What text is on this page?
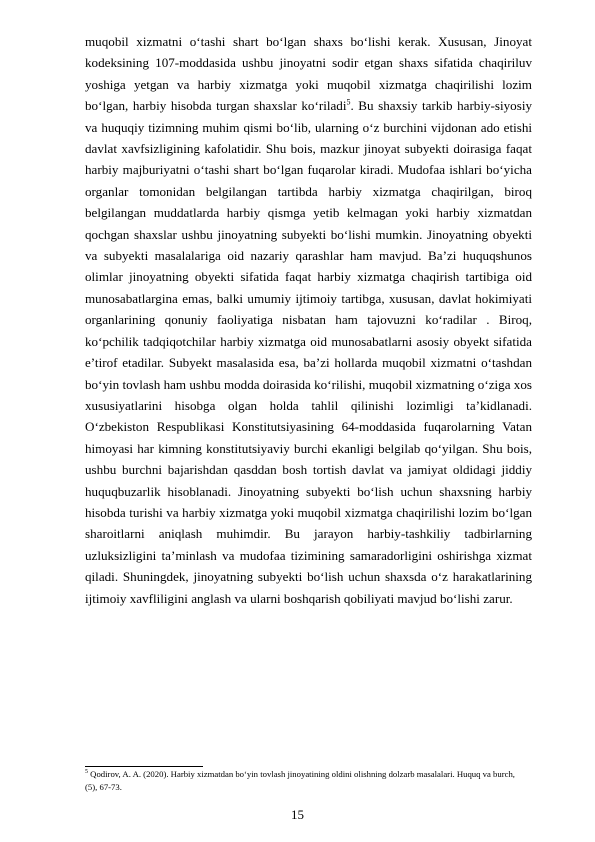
muqobil xizmatni o‘tashi shart bo‘lgan shaxs bo‘lishi kerak. Xususan, Jinoyat kodeksining 107-moddasida ushbu jinoyatni sodir etgan shaxs sifatida chaqiriluv yoshiga yetgan va harbiy xizmatga yoki muqobil xizmatga chaqirilishi lozim bo‘lgan, harbiy hisobda turgan shaxslar ko‘riladi$^5$. Bu shaxsiy tarkib harbiy-siyosiy va huquqiy tizimning muhim qismi bo‘lib, ularning o‘z burchini vijdonan ado etishi davlat xavfsizligining kafolatidir. Shu bois, mazkur jinoyat subyekti doirasiga faqat harbiy majburiyatni o‘tashi shart bo‘lgan fuqarolar kiradi. Mudofaa ishlari bo‘yicha organlar tomonidan belgilangan tartibda harbiy xizmatga chaqirilgan, biroq belgilangan muddatlarda harbiy qismga yetib kelmagan yoki harbiy xizmatdan qochgan shaxslar ushbu jinoyatning subyekti bo‘lishi mumkin. Jinoyatning obyekti va subyekti masalalariga oid nazariy qarashlar ham mavjud. Ba’zi huquqshunos olimlar jinoyatning obyekti sifatida faqat harbiy xizmatga chaqirish tartibiga oid munosabatlargina emas, balki umumiy ijtimoiy tartibga, xususan, davlat hokimiyati organlarining qonuniy faoliyatiga nisbatan ham tajovuzni ko‘radilar . Biroq, ko‘pchilik tadqiqotchilar harbiy xizmatga oid munosabatlarni asosiy obyekt sifatida e’tirof etadilar. Subyekt masalasida esa, ba’zi hollarda muqobil xizmatni o‘tashdan bo‘yin tovlash ham ushbu modda doirasida ko‘rilishi, muqobil xizmatning o‘ziga xos xususiyatlarini hisobga olgan holda tahlil qilinishi lozimligi ta’kidlanadi. O‘zbekiston Respublikasi Konstitutsiyasining 64-moddasida fuqarolarning Vatan himoyasi har kimning konstitutsiyaviy burchi ekanligi belgilab qo‘yilgan. Shu bois, ushbu burchni bajarishdan qasddan bosh tortish davlat va jamiyat oldidagi jiddiy huquqbuzarlik hisoblanadi. Jinoyatning subyekti bo‘lish uchun shaxsning harbiy hisobda turishi va harbiy xizmatga yoki muqobil xizmatga chaqirilishi lozim bo‘lgan sharoitlarni aniqlash muhimdir. Bu jarayon harbiy-tashkiliy tadbirlarning uzluksizligini ta’minlash va mudofaa tizimining samaradorligini oshirishga xizmat qiladi. Shuningdek, jinoyatning subyekti bo‘lish uchun shaxsda o‘z harakatlarining ijtimoiy xavfliligini anglash va ularni boshqarish qobiliyati mavjud bo‘lishi zarur.

$^5$ Qodirov, A. A. (2020). Harbiy xizmatdan bo‘yin tovlash jinoyatining oldini olishning dolzarb masalalari. Huquq va burch, (5), 67-73.

15
